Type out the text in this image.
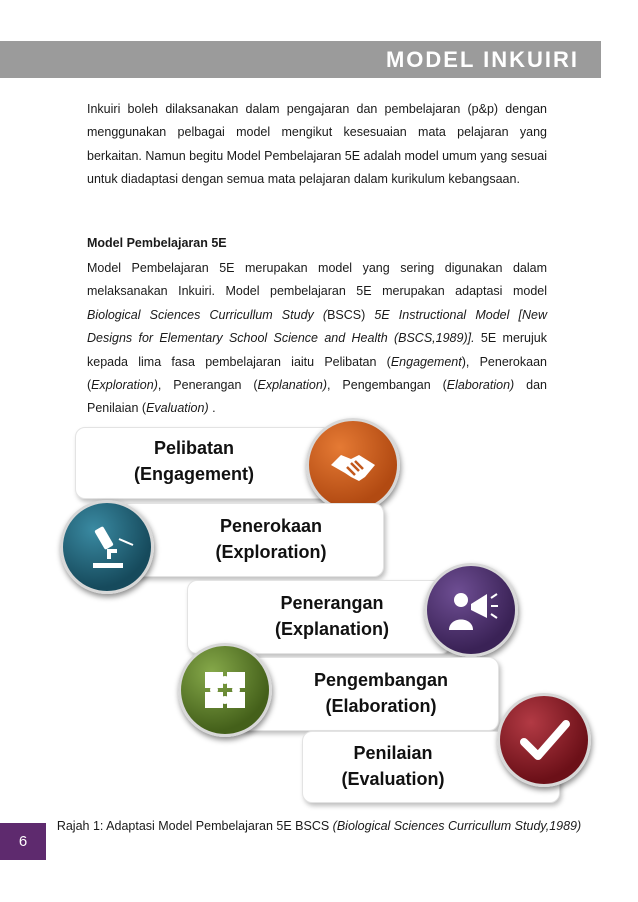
MODEL INKUIRI
Inkuiri boleh dilaksanakan dalam pengajaran dan pembelajaran (p&p) dengan menggunakan pelbagai model mengikut kesesuaian mata pelajaran yang berkaitan. Namun begitu Model Pembelajaran 5E adalah model umum yang sesuai untuk diadaptasi dengan semua mata pelajaran dalam kurikulum kebangsaan.
Model Pembelajaran 5E
Model Pembelajaran 5E merupakan model yang sering digunakan dalam melaksanakan Inkuiri. Model pembelajaran 5E merupakan adaptasi model Biological Sciences Curricullum Study (BSCS) 5E Instructional Model [New Designs for Elementary School Science and Health (BSCS,1989)]. 5E merujuk kepada lima fasa pembelajaran iaitu Pelibatan (Engagement), Penerokaan (Exploration), Penerangan (Explanation), Pengembangan (Elaboration) dan Penilaian (Evaluation) .
Pelibatan
(Engagement)
Penerokaan
(Exploration)
Penerangan
(Explanation)
Pengembangan
(Elaboration)
Penilaian
(Evaluation)
Rajah 1: Adaptasi Model Pembelajaran 5E BSCS (Biological Sciences Curricullum Study,1989)
6
